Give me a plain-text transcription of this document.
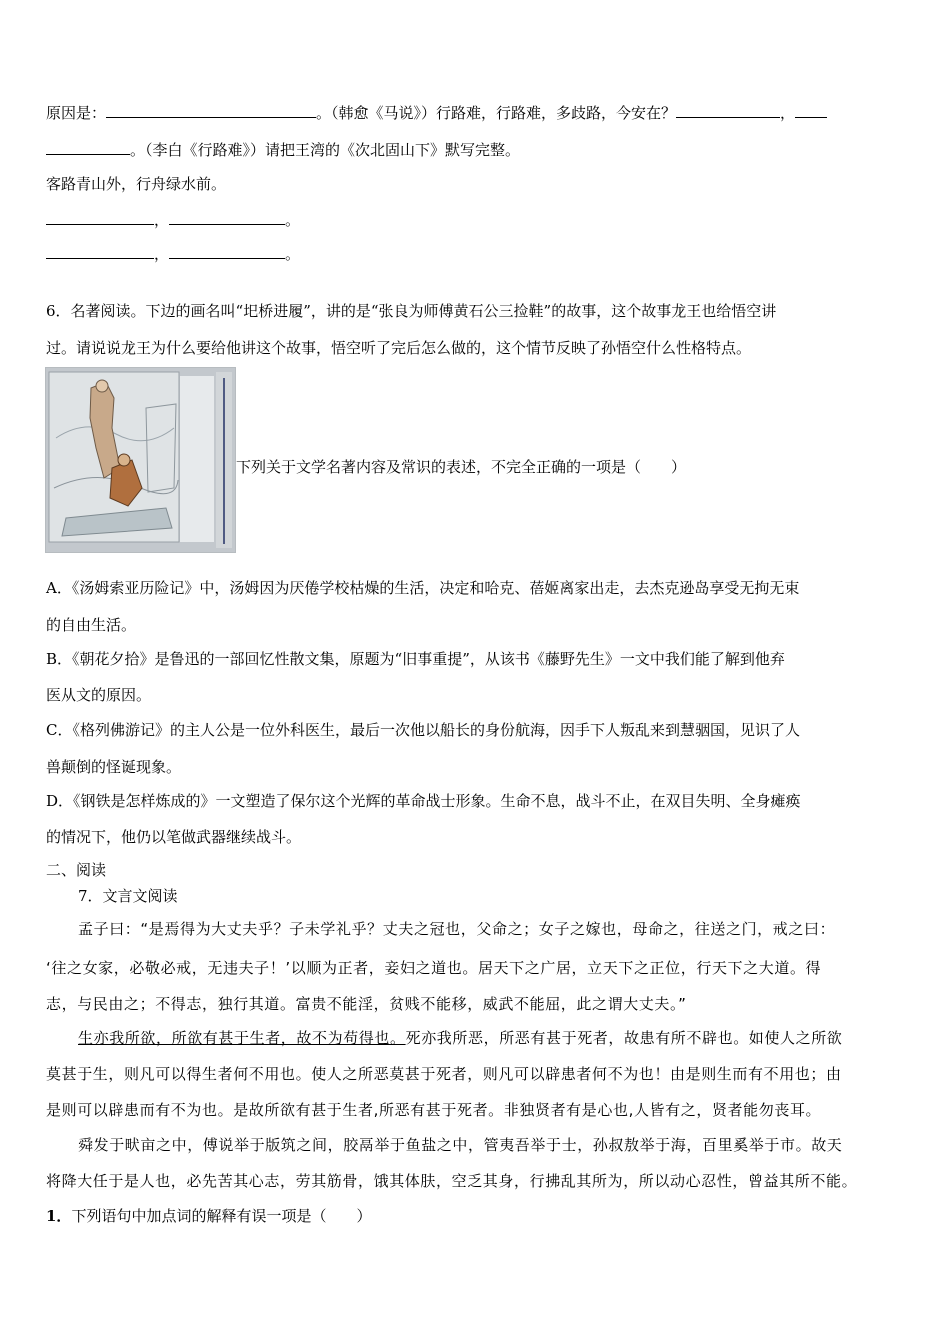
原因是：	。（韩愈《马说》）行路难，行路难，多歧路，今安在？	，
。（李白《行路难》）请把王湾的《次北固山下》默写完整。
客路青山外，行舟绿水前。
，	。
，	。
6．名著阅读。下边的画名叫“圯桥进履”，讲的是“张良为师傅黄石公三捡鞋”的故事，这个故事龙王也给悟空讲
过。请说说龙王为什么要给他讲这个故事，悟空听了完后怎么做的，这个情节反映了孙悟空什么性格特点。
下列关于文学名著内容及常识的表述，不完全正确的一项是（　　）
A．《汤姆索亚历险记》中，汤姆因为厌倦学校枯燥的生活，决定和哈克、蓓姬离家出走，去杰克逊岛享受无拘无束
的自由生活。
B．《朝花夕拾》是鲁迅的一部回忆性散文集，原题为“旧事重提”，从该书《藤野先生》一文中我们能了解到他弃
医从文的原因。
C．《格列佛游记》的主人公是一位外科医生，最后一次他以船长的身份航海，因手下人叛乱来到慧骃国，见识了人
兽颠倒的怪诞现象。
D．《钢铁是怎样炼成的》一文塑造了保尔这个光辉的革命战士形象。生命不息，战斗不止，在双目失明、全身瘫痪
的情况下，他仍以笔做武器继续战斗。
二、阅读
7．文言文阅读
孟子曰：“是焉得为大丈夫乎？子未学礼乎？丈夫之冠也，父命之；女子之嫁也，母命之，往送之门，戒之曰：
‘往之女家，必敬必戒，无违夫子！’以顺为正者，妾妇之道也。居天下之广居，立天下之正位，行天下之大道。得
志，与民由之；不得志，独行其道。富贵不能淫，贫贱不能移，威武不能屈，此之谓大丈夫。”
生亦我所欲，所欲有甚于生者，故不为苟得也。死亦我所恶，所恶有甚于死者，故患有所不辟也。如使人之所欲
莫甚于生，则凡可以得生者何不用也。使人之所恶莫甚于死者，则凡可以辟患者何不为也！由是则生而有不用也；由
是则可以辟患而有不为也。是故所欲有甚于生者,所恶有甚于死者。非独贤者有是心也,人皆有之，贤者能勿丧耳。
舜发于畎亩之中，傅说举于版筑之间，胶鬲举于鱼盐之中，管夷吾举于士，孙叔敖举于海，百里奚举于市。故天
将降大任于是人也，必先苦其心志，劳其筋骨，饿其体肤，空乏其身，行拂乱其所为，所以动心忍性，曾益其所不能。
1．下列语句中加点词的解释有误一项是（　　）
